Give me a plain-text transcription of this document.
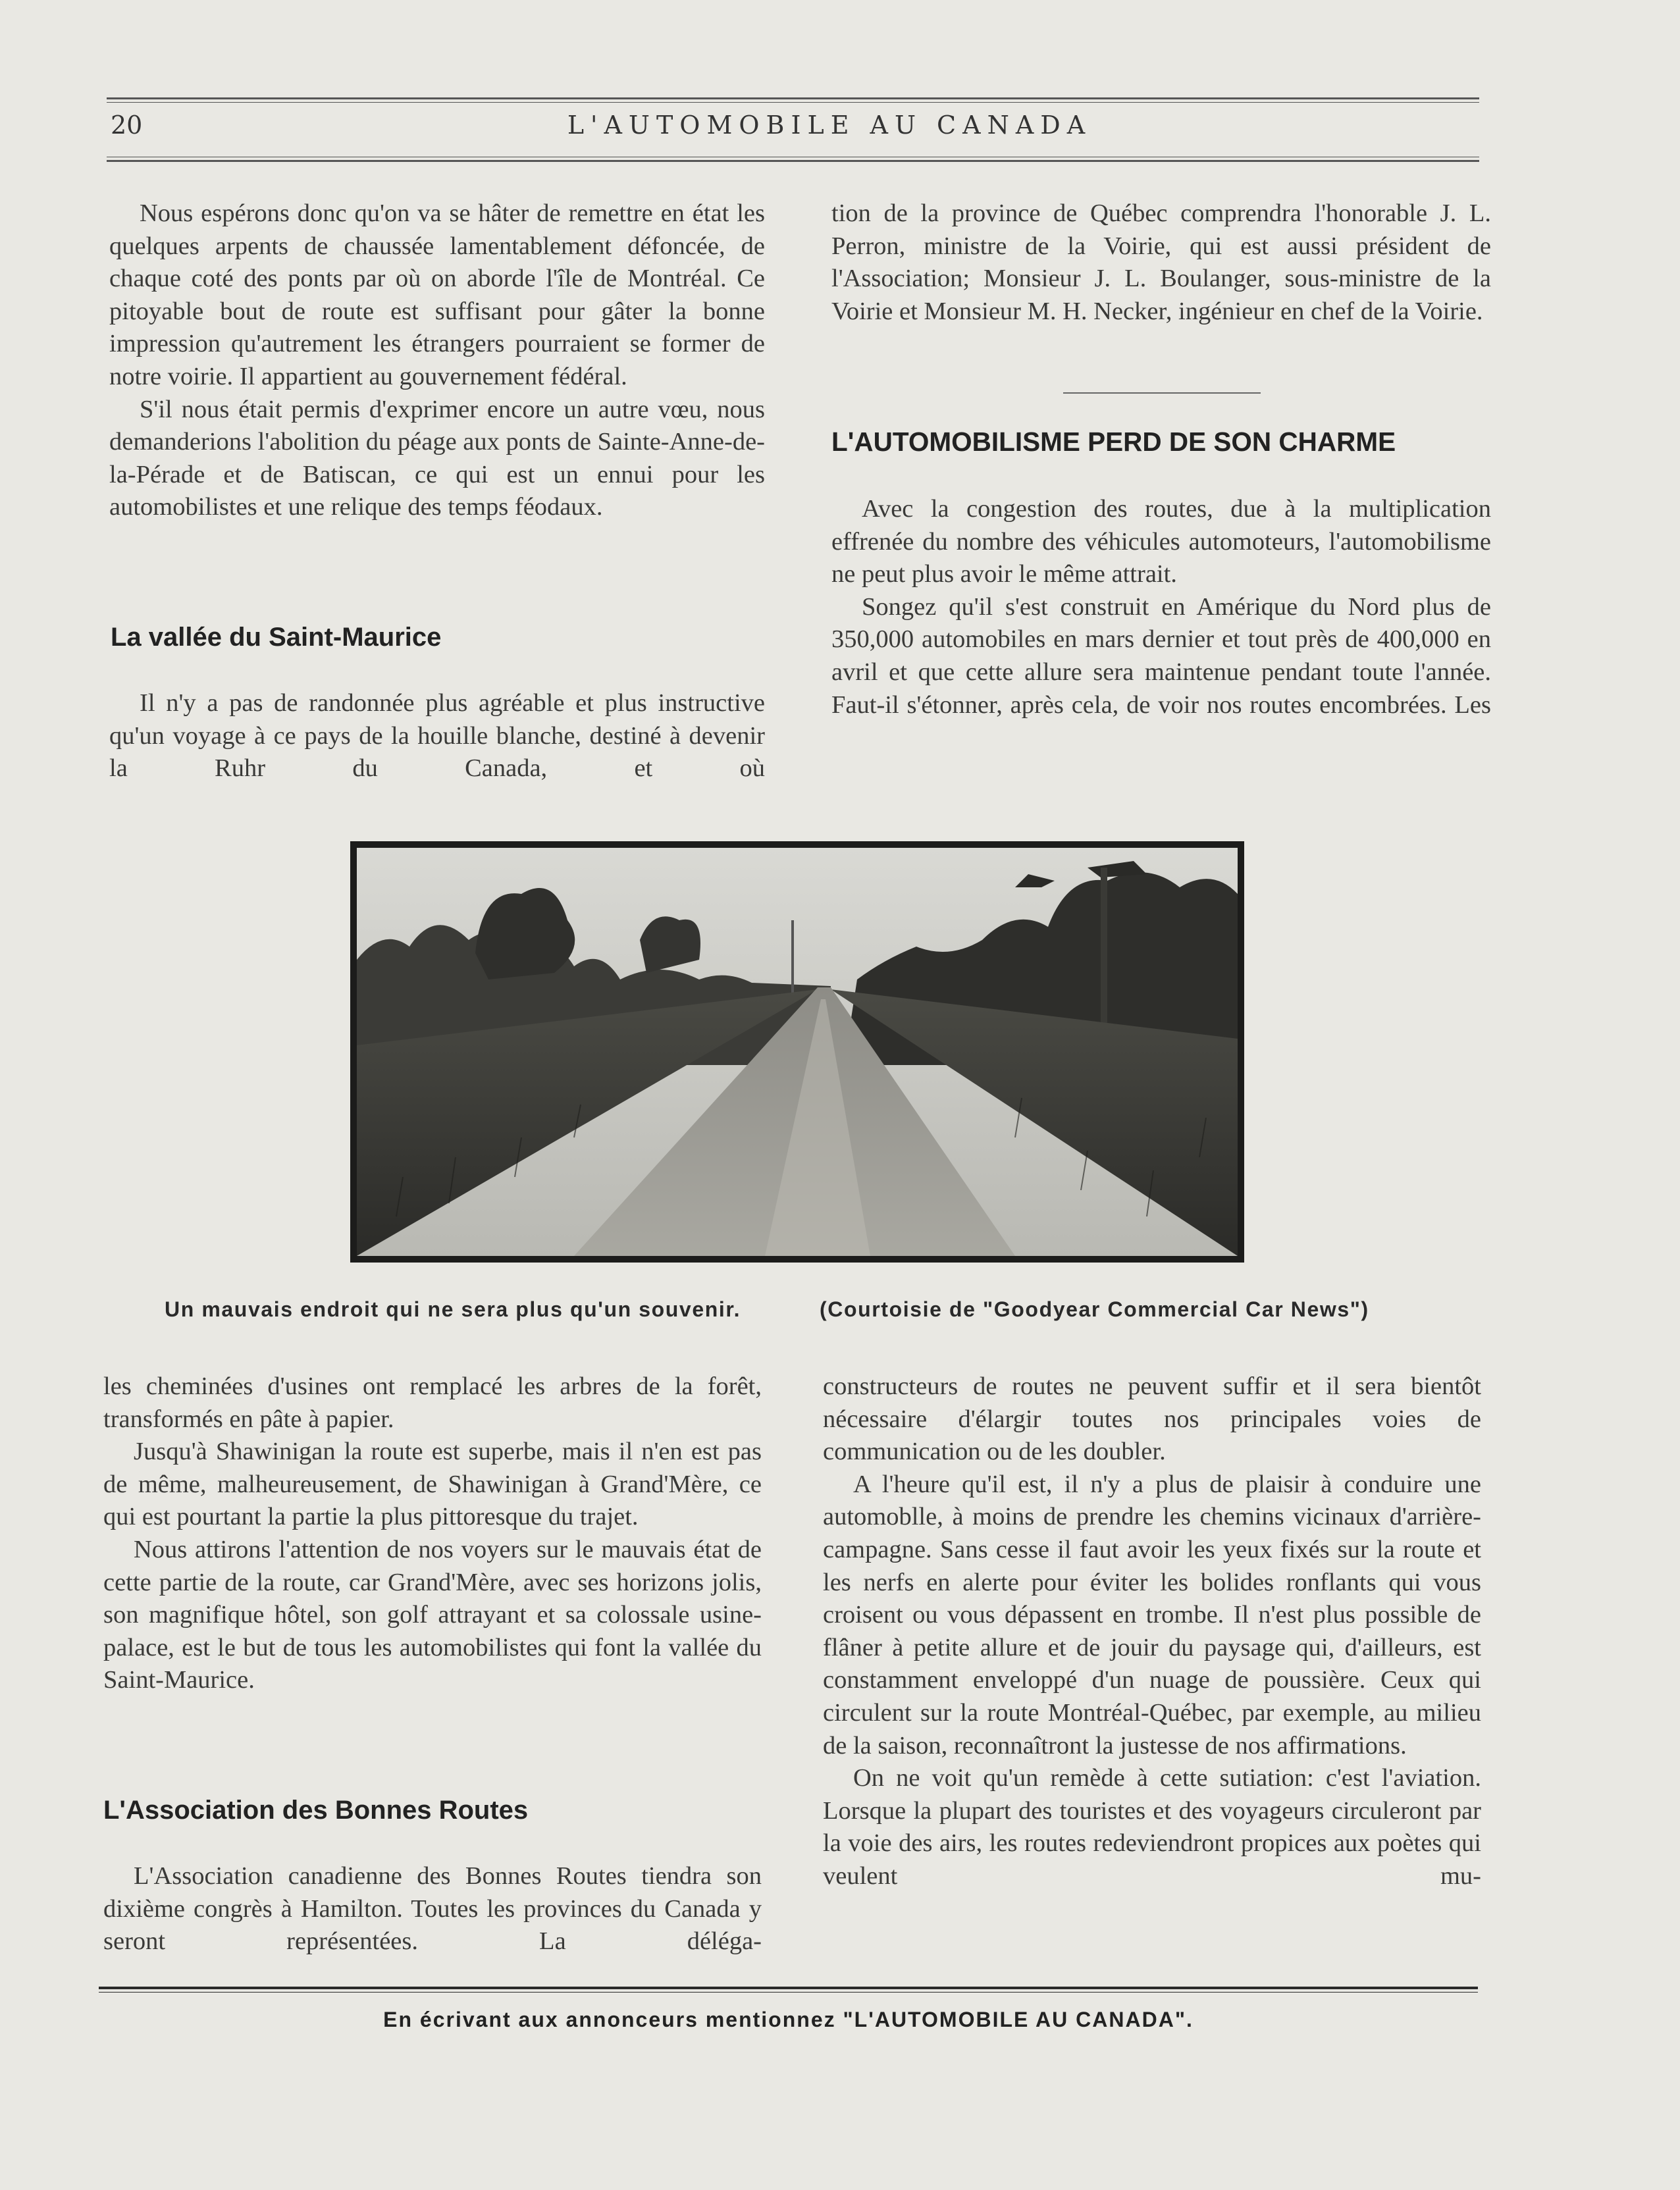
20	L'AUTOMOBILE AU CANADA

Nous espérons donc qu'on va se hâter de remettre en état les quelques arpents de chaussée lamentablement défoncée, de chaque coté des ponts par où on aborde l'île de Montréal. Ce pitoyable bout de route est suffisant pour gâter la bonne impression qu'autrement les étrangers pourraient se former de notre voirie. Il appartient au gouvernement fédéral.

S'il nous était permis d'exprimer encore un autre vœu, nous demanderions l'abolition du péage aux ponts de Sainte-Anne-de-la-Pérade et de Batiscan, ce qui est un ennui pour les automobilistes et une relique des temps féodaux.

La vallée du Saint-Maurice

Il n'y a pas de randonnée plus agréable et plus instructive qu'un voyage à ce pays de la houille blanche, destiné à devenir la Ruhr du Canada, et où

tion de la province de Québec comprendra l'honorable J. L. Perron, ministre de la Voirie, qui est aussi président de l'Association; Monsieur J. L. Boulanger, sous-ministre de la Voirie et Monsieur M. H. Necker, ingénieur en chef de la Voirie.

L'AUTOMOBILISME PERD DE SON CHARME

Avec la congestion des routes, due à la multiplication effrenée du nombre des véhicules automoteurs, l'automobilisme ne peut plus avoir le même attrait.

Songez qu'il s'est construit en Amérique du Nord plus de 350,000 automobiles en mars dernier et tout près de 400,000 en avril et que cette allure sera maintenue pendant toute l'année. Faut-il s'étonner, après cela, de voir nos routes encombrées. Les

Un mauvais endroit qui ne sera plus qu'un souvenir.	(Courtoisie de "Goodyear Commercial Car News")

les cheminées d'usines ont remplacé les arbres de la forêt, transformés en pâte à papier.

Jusqu'à Shawinigan la route est superbe, mais il n'en est pas de même, malheureusement, de Shawinigan à Grand'Mère, ce qui est pourtant la partie la plus pittoresque du trajet.

Nous attirons l'attention de nos voyers sur le mauvais état de cette partie de la route, car Grand'Mère, avec ses horizons jolis, son magnifique hôtel, son golf attrayant et sa colossale usine-palace, est le but de tous les automobilistes qui font la vallée du Saint-Maurice.

L'Association des Bonnes Routes

L'Association canadienne des Bonnes Routes tiendra son dixième congrès à Hamilton. Toutes les provinces du Canada y seront représentées. La déléga-

constructeurs de routes ne peuvent suffir et il sera bientôt nécessaire d'élargir toutes nos principales voies de communication ou de les doubler.

A l'heure qu'il est, il n'y a plus de plaisir à conduire une automoblle, à moins de prendre les chemins vicinaux d'arrière-campagne. Sans cesse il faut avoir les yeux fixés sur la route et les nerfs en alerte pour éviter les bolides ronflants qui vous croisent ou vous dépassent en trombe. Il n'est plus possible de flâner à petite allure et de jouir du paysage qui, d'ailleurs, est constamment enveloppé d'un nuage de poussière. Ceux qui circulent sur la route Montréal-Québec, par exemple, au milieu de la saison, reconnaîtront la justesse de nos affirmations.

On ne voit qu'un remède à cette sutiation: c'est l'aviation. Lorsque la plupart des touristes et des voyageurs circuleront par la voie des airs, les routes redeviendront propices aux poètes qui veulent mu-

En écrivant aux annonceurs mentionnez "L'AUTOMOBILE AU CANADA".
